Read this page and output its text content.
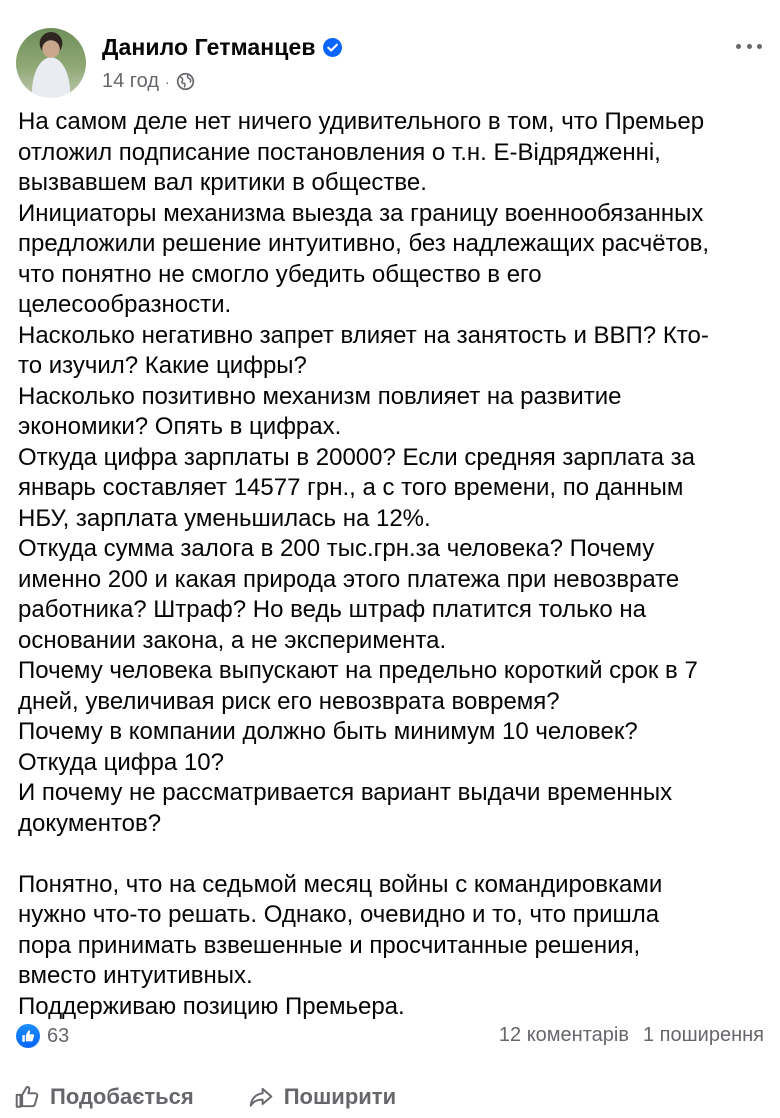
Данило Гетманцев
14 год ·
На самом деле нет ничего удивительного в том, что Премьер
отложил подписание постановления о т.н. Е-Відрядженні,
вызвавшем вал критики в обществе.
Инициаторы механизма выезда за границу военнообязанных
предложили решение интуитивно, без надлежащих расчётов,
что понятно не смогло убедить общество в его
целесообразности.
Насколько негативно запрет влияет на занятость и ВВП? Кто-
то изучил? Какие цифры?
Насколько позитивно механизм повлияет на развитие
экономики? Опять в цифрах.
Откуда цифра зарплаты в 20000? Если средняя зарплата за
январь составляет 14577 грн., а с того времени, по данным
НБУ, зарплата уменьшилась на 12%.
Откуда сумма залога в 200 тыс.грн.за человека? Почему
именно 200 и какая природа этого платежа при невозврате
работника? Штраф? Но ведь штраф платится только на
основании закона, а не эксперимента.
Почему человека выпускают на предельно короткий срок в 7
дней, увеличивая риск его невозврата вовремя?
Почему в компании должно быть минимум 10 человек?
Откуда цифра 10?
И почему не рассматривается вариант выдачи временных
документов?
Понятно, что на седьмой месяц войны с командировками
нужно что-то решать. Однако, очевидно и то, что пришла
пора принимать взвешенные и просчитанные решения,
вместо интуитивных.
Поддерживаю позицию Премьера.
63	12 коментарів 1 поширення
Подобається	Поширити
